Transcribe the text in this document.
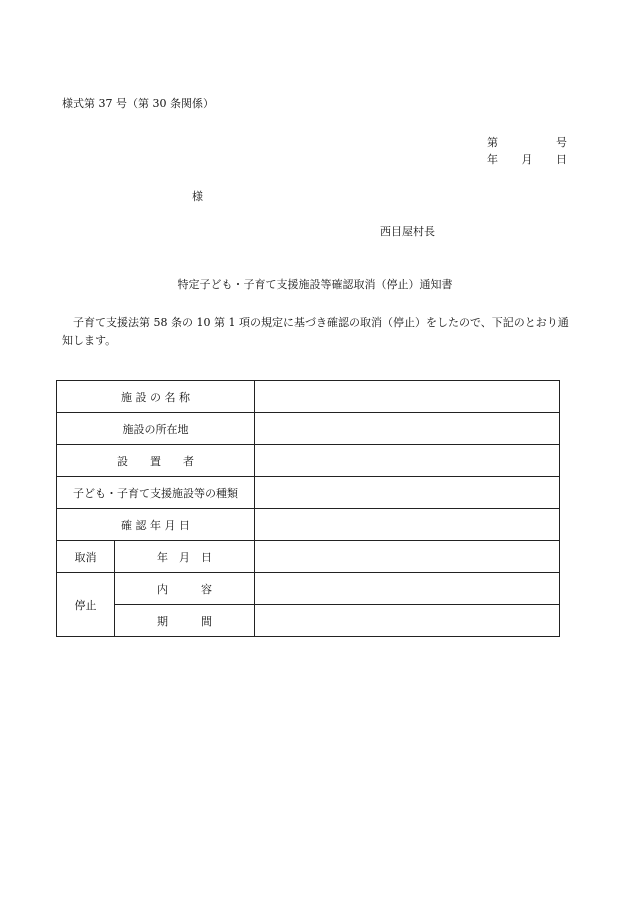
様式第 37 号（第 30 条関係）
第	号
年 月 日
様
西目屋村長
特定子ども・子育て支援施設等確認取消（停止）通知書
子育て支援法第 58 条の 10 第 1 項の規定に基づき確認の取消（停止）をしたので、下記のとおり通知します。
施 設 の 名 称		
施設の所在地		
設　　置　　者		
子ども・子育て支援施設等の種類		
確 認 年 月 日		
取消	年　月　日	
停止	内　　　容	
	期　　　間	
